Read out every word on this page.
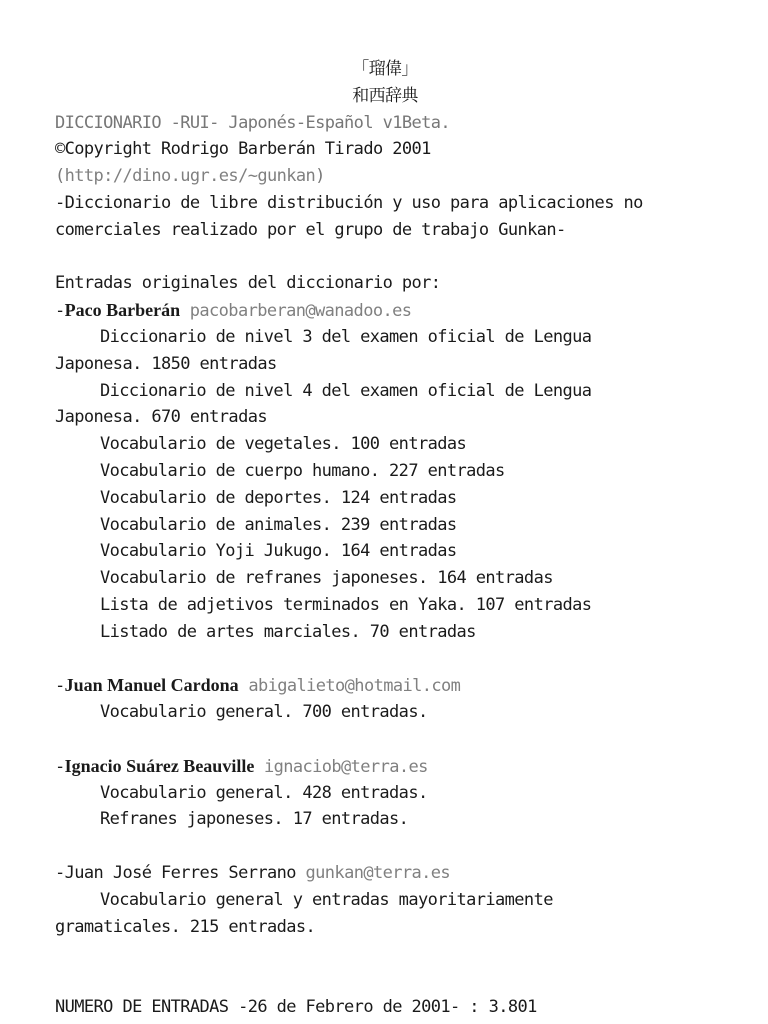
「瑠偉」
和西辞典
DICCIONARIO -RUI- Japonés-Español v1Beta.
©Copyright Rodrigo Barberán Tirado 2001
(http://dino.ugr.es/~gunkan)
-Diccionario de libre distribución y uso para aplicaciones no
comerciales realizado por el grupo de trabajo Gunkan-
Entradas originales del diccionario por:
-Paco Barberán pacobarberan@wanadoo.es
Diccionario de nivel 3 del examen oficial de Lengua
Japonesa. 1850 entradas
Diccionario de nivel 4 del examen oficial de Lengua
Japonesa. 670 entradas
Vocabulario de vegetales. 100 entradas
Vocabulario de cuerpo humano. 227 entradas
Vocabulario de deportes. 124 entradas
Vocabulario de animales. 239 entradas
Vocabulario Yoji Jukugo. 164 entradas
Vocabulario de refranes japoneses. 164 entradas
Lista de adjetivos terminados en Yaka. 107 entradas
Listado de artes marciales. 70 entradas
-Juan Manuel Cardona abigalieto@hotmail.com
Vocabulario general. 700 entradas.
-Ignacio Suárez Beauville ignaciob@terra.es
Vocabulario general. 428 entradas.
Refranes japoneses. 17 entradas.
-Juan José Ferres Serrano gunkan@terra.es
Vocabulario general y entradas mayoritariamente
gramaticales. 215 entradas.
NUMERO DE ENTRADAS -26 de Febrero de 2001- : 3.801
